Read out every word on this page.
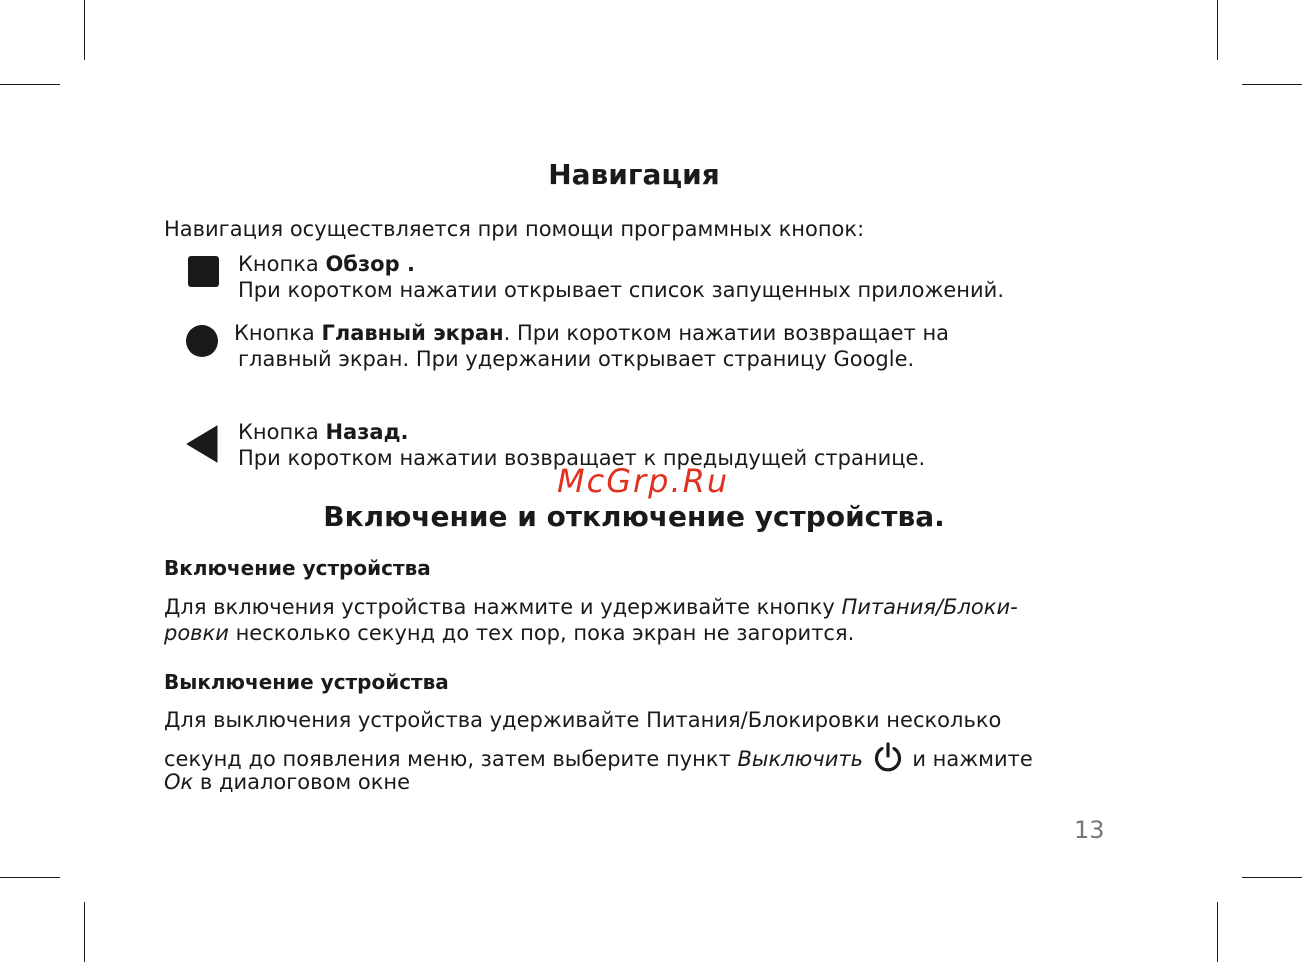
Навигация
Навигация осуществляется при помощи программных кнопок:
Кнопка Обзор .
При коротком нажатии открывает список запущенных приложений.
Кнопка Главный экран. При коротком нажатии возвращает на
главный экран. При удержании открывает страницу Google.
Кнопка Назад.
При коротком нажатии возвращает к предыдущей странице.
McGrp.Ru
Включение и отключение устройства.
Включение устройства
Для включения устройства нажмите и удерживайте кнопку Питания/Блоки-
ровки несколько секунд до тех пор, пока экран не загорится.
Выключение устройства
Для выключения устройства удерживайте Питания/Блокировки несколько
секунд до появления меню, затем выберите пункт Выключить  и нажмите
Ок в диалоговом окне
13
